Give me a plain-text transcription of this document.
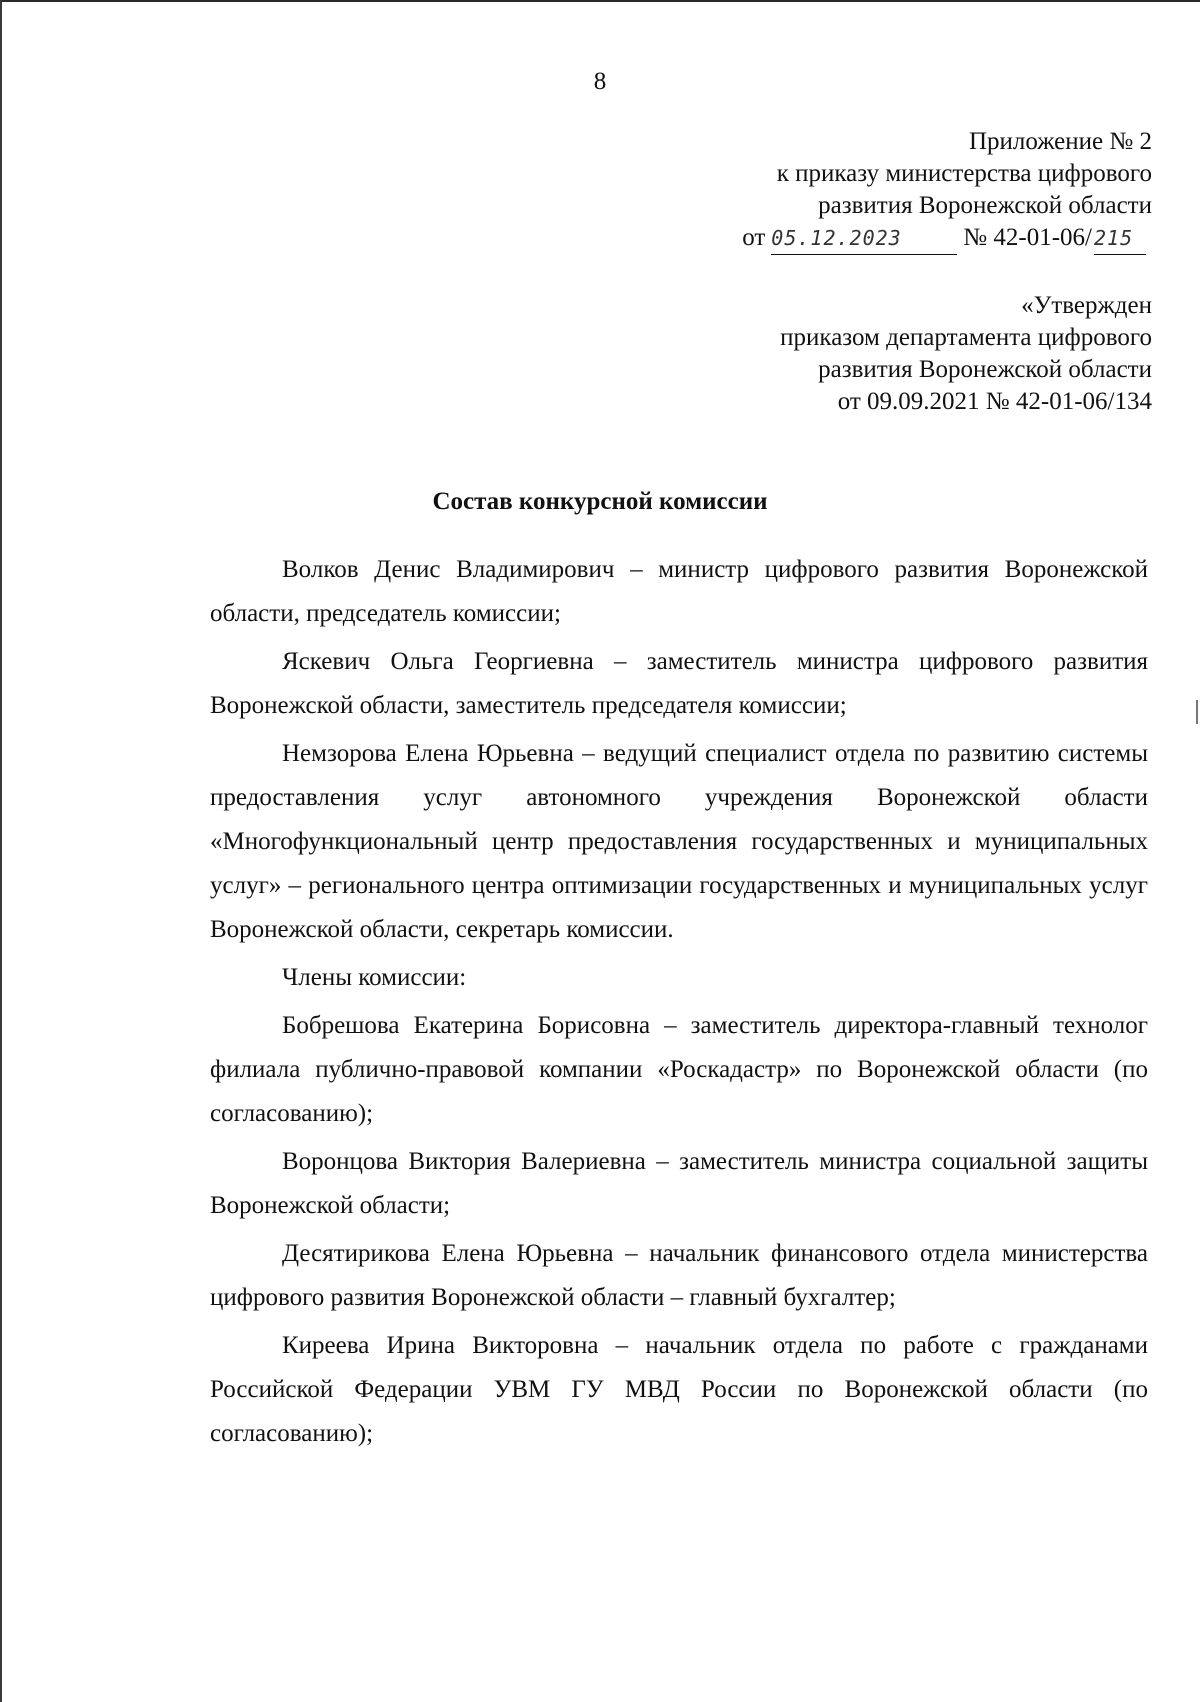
8
Приложение № 2
к приказу министерства цифрового
развития Воронежской области
от 05.12.2023	№ 42-01-06/ 215
«Утвержден
приказом департамента цифрового
развития Воронежской области
от 09.09.2021 № 42-01-06/134
Состав конкурсной комиссии

Волков Денис Владимирович – министр цифрового развития Воронежской области, председатель комиссии;

Яскевич Ольга Георгиевна – заместитель министра цифрового развития Воронежской области, заместитель председателя комиссии;

Немзорова Елена Юрьевна – ведущий специалист отдела по развитию системы предоставления услуг автономного учреждения Воронежской области «Многофункциональный центр предоставления государственных и муниципальных услуг» – регионального центра оптимизации государственных и муниципальных услуг Воронежской области, секретарь комиссии.

Члены комиссии:

Бобрешова Екатерина Борисовна – заместитель директора-главный технолог филиала публично-правовой компании «Роскадастр» по Воронежской области (по согласованию);

Воронцова Виктория Валериевна – заместитель министра социальной защиты Воронежской области;

Десятирикова Елена Юрьевна – начальник финансового отдела министерства цифрового развития Воронежской области – главный бухгалтер;

Киреева Ирина Викторовна – начальник отдела по работе с гражданами Российской Федерации УВМ ГУ МВД России по Воронежской области (по согласованию);
